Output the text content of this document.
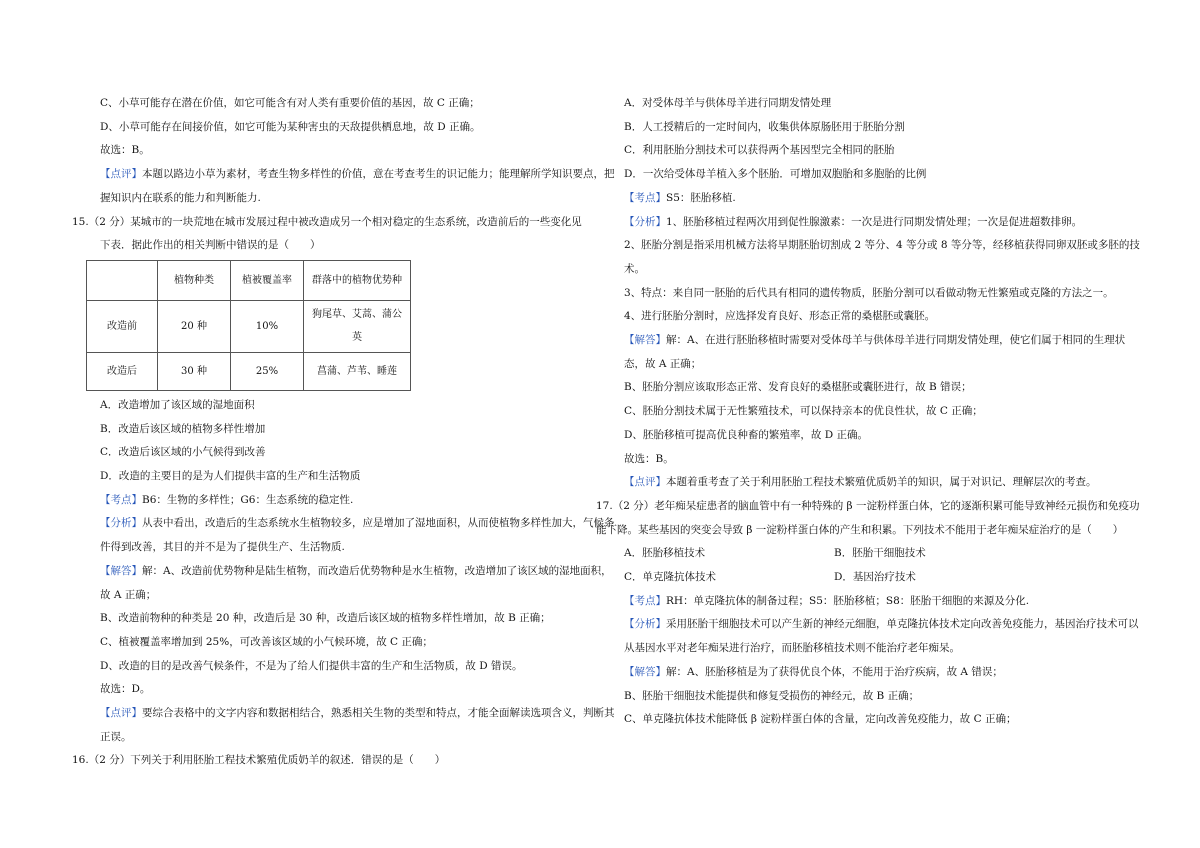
C、小草可能存在潜在价值，如它可能含有对人类有重要价值的基因，故 C 正确；

D、小草可能存在间接价值，如它可能为某种害虫的天敌提供栖息地，故 D 正确。

故选：B。

【点评】本题以路边小草为素材，考查生物多样性的价值，意在考查考生的识记能力；能理解所学知识要点，把握知识内在联系的能力和判断能力.

15.（2 分）某城市的一块荒地在城市发展过程中被改造成另一个相对稳定的生态系统，改造前后的一些变化见

下表．据此作出的相关判断中错误的是（　　）

	植物种类	植被覆盖率	群落中的植物优势种
改造前	20 种	10%	狗尾草、艾蒿、蒲公英
改造后	30 种	25%	菖蒲、芦苇、睡莲

A．改造增加了该区域的湿地面积

B．改造后该区域的植物多样性增加

C．改造后该区域的小气候得到改善

D．改造的主要目的是为人们提供丰富的生产和生活物质

【考点】B6：生物的多样性；G6：生态系统的稳定性.

【分析】从表中看出，改造后的生态系统水生植物较多，应是增加了湿地面积，从而使植物多样性加大，气候条件得到改善，其目的并不是为了提供生产、生活物质.

【解答】解：A、改造前优势物种是陆生植物，而改造后优势物种是水生植物，改造增加了该区域的湿地面积，故 A 正确；

B、改造前物种的种类是 20 种，改造后是 30 种，改造后该区域的植物多样性增加，故 B 正确；

C、植被覆盖率增加到 25%，可改善该区域的小气候环境，故 C 正确；

D、改造的目的是改善气候条件，不是为了给人们提供丰富的生产和生活物质，故 D 错误。

故选：D。

【点评】要综合表格中的文字内容和数据相结合，熟悉相关生物的类型和特点，才能全面解读选项含义，判断其正误。

16.（2 分）下列关于利用胚胎工程技术繁殖优质奶羊的叙述．错误的是（　　）

A．对受体母羊与供体母羊进行同期发情处理

B．人工授精后的一定时间内，收集供体原肠胚用于胚胎分割

C．利用胚胎分割技术可以获得两个基因型完全相同的胚胎

D．一次给受体母羊植入多个胚胎．可增加双胞胎和多胞胎的比例

【考点】S5：胚胎移植.

【分析】1、胚胎移植过程两次用到促性腺激素：一次是进行同期发情处理；一次是促进超数排卵。

2、胚胎分割是指采用机械方法将早期胚胎切割成 2 等分、4 等分或 8 等分等，经移植获得同卵双胚或多胚的技术。

3、特点：来自同一胚胎的后代具有相同的遗传物质，胚胎分割可以看做动物无性繁殖或克隆的方法之一。

4、进行胚胎分割时，应选择发育良好、形态正常的桑椹胚或囊胚。

【解答】解：A、在进行胚胎移植时需要对受体母羊与供体母羊进行同期发情处理，使它们属于相同的生理状态，故 A 正确；

B、胚胎分割应该取形态正常、发育良好的桑椹胚或囊胚进行，故 B 错误；

C、胚胎分割技术属于无性繁殖技术，可以保持亲本的优良性状，故 C 正确；

D、胚胎移植可提高优良种畜的繁殖率，故 D 正确。

故选：B。

【点评】本题着重考查了关于利用胚胎工程技术繁殖优质奶羊的知识，属于对识记、理解层次的考查。

17.（2 分）老年痴呆症患者的脑血管中有一种特殊的 β 一淀粉样蛋白体，它的逐渐积累可能导致神经元损伤和免疫功能下降。某些基因的突变会导致 β 一淀粉样蛋白体的产生和积累。下列技术不能用于老年痴呆症治疗的是（　　）

A．胚胎移植技术	B．胚胎干细胞技术
C．单克隆抗体技术	D．基因治疗技术

【考点】RH：单克隆抗体的制备过程；S5：胚胎移植；S8：胚胎干细胞的来源及分化.

【分析】采用胚胎干细胞技术可以产生新的神经元细胞，单克隆抗体技术定向改善免疫能力，基因治疗技术可以从基因水平对老年痴呆进行治疗，而胚胎移植技术则不能治疗老年痴呆。

【解答】解：A、胚胎移植是为了获得优良个体，不能用于治疗疾病，故 A 错误；

B、胚胎干细胞技术能提供和修复受损伤的神经元，故 B 正确；

C、单克隆抗体技术能降低 β 淀粉样蛋白体的含量，定向改善免疫能力，故 C 正确；
